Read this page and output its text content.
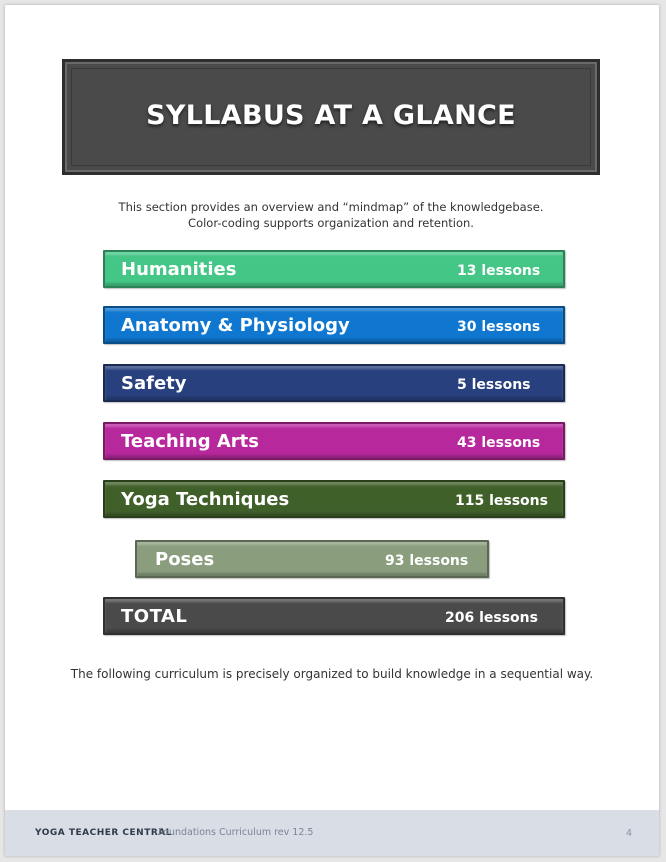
SYLLABUS AT A GLANCE
This section provides an overview and “mindmap” of the knowledgebase.
Color-coding supports organization and retention.
Humanities	13 lessons
Anatomy & Physiology	30 lessons
Safety	5 lessons
Teaching Arts	43 lessons
Yoga Techniques	115 lessons
Poses	93 lessons
TOTAL	206 lessons
The following curriculum is precisely organized to build knowledge in a sequential way.
YOGA TEACHER CENTRAL
Foundations Curriculum rev 12.5	4
